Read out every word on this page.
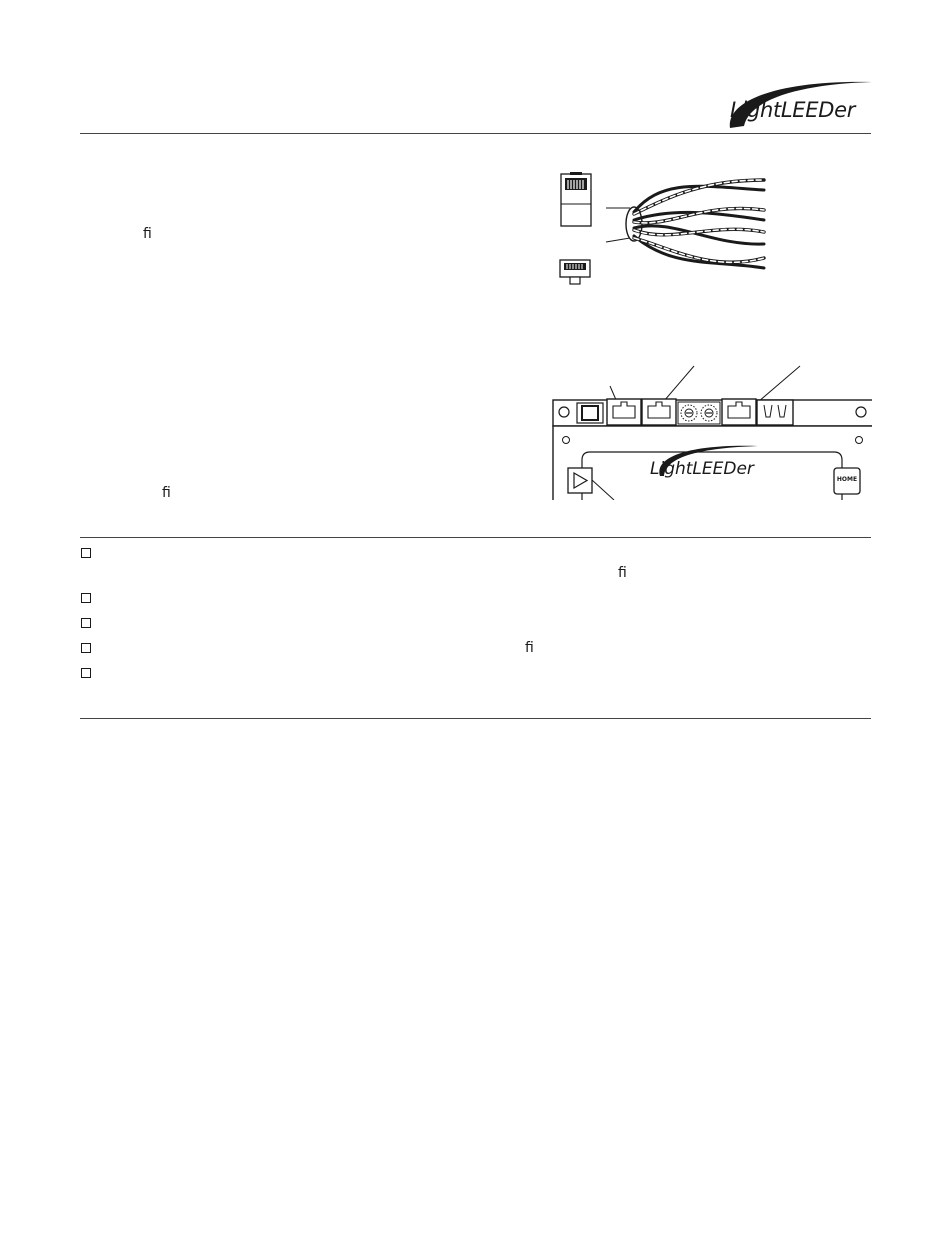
LightLEEDer
ﬁ
ﬁ
LightLEEDer
HOME
ﬁ
ﬁ
